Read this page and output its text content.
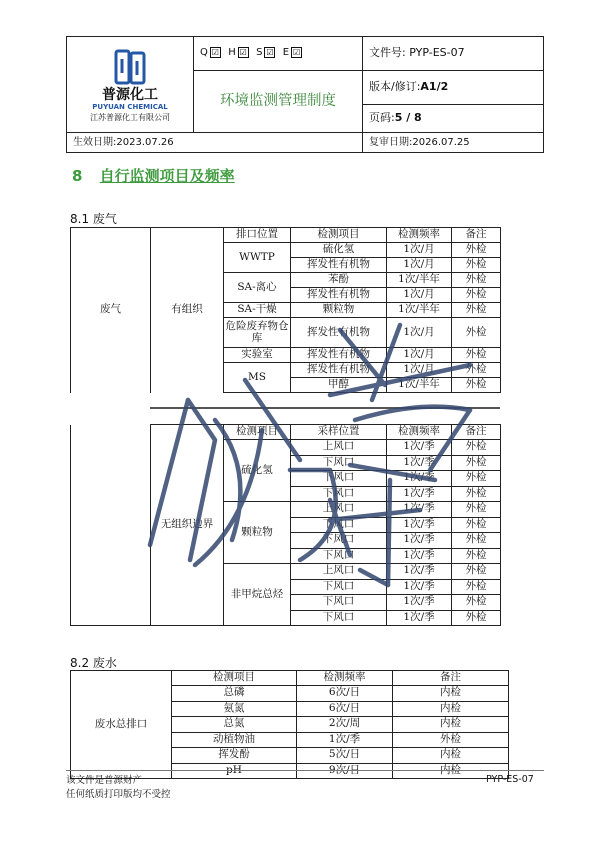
普源化工
PUYUAN CHEMICAL
江苏普源化工有限公司	Q ☑ H ☑ S ☑ E ☑	文件号: PYP-ES-07
	环境监测管理制度	版本/修订:A1/2
		页码:5 / 8
生效日期:2023.07.26		复审日期:2026.07.25
8 自行监测项目及频率
8.1 废气
废气	有组织	排口位置	检测项目	检测频率	备注
		WWTP	硫化氢	1次/月	外检
			挥发性有机物	1次/月	外检
		SA-离心	苯酚	1次/半年	外检
			挥发性有机物	1次/月	外检
		SA-干燥	颗粒物	1次/半年	外检
		危险废弃物仓库	挥发性有机物	1次/月	外检
		实验室	挥发性有机物	1次/月	外检
		MS	挥发性有机物	1次/月	外检
			甲醇	1次/半年	外检
	无组织边界	检测项目	采样位置	检测频率	备注
		硫化氢	上风口	1次/季	外检
			下风口	1次/季	外检
			下风口	1次/季	外检
			下风口	1次/季	外检
		颗粒物	上风口	1次/季	外检
			下风口	1次/季	外检
			下风口	1次/季	外检
			下风口	1次/季	外检
		非甲烷总烃	上风口	1次/季	外检
			下风口	1次/季	外检
			下风口	1次/季	外检
			下风口	1次/季	外检
8.2 废水
废水总排口	检测项目	检测频率	备注
	总磷	6次/日	内检
	氨氮	6次/日	内检
	总氮	2次/周	内检
	动植物油	1次/季	外检
	挥发酚	5次/日	内检
	pH	9次/日	内检
该文件是普源财产
任何纸质打印版均不受控
PYP-ES-07
